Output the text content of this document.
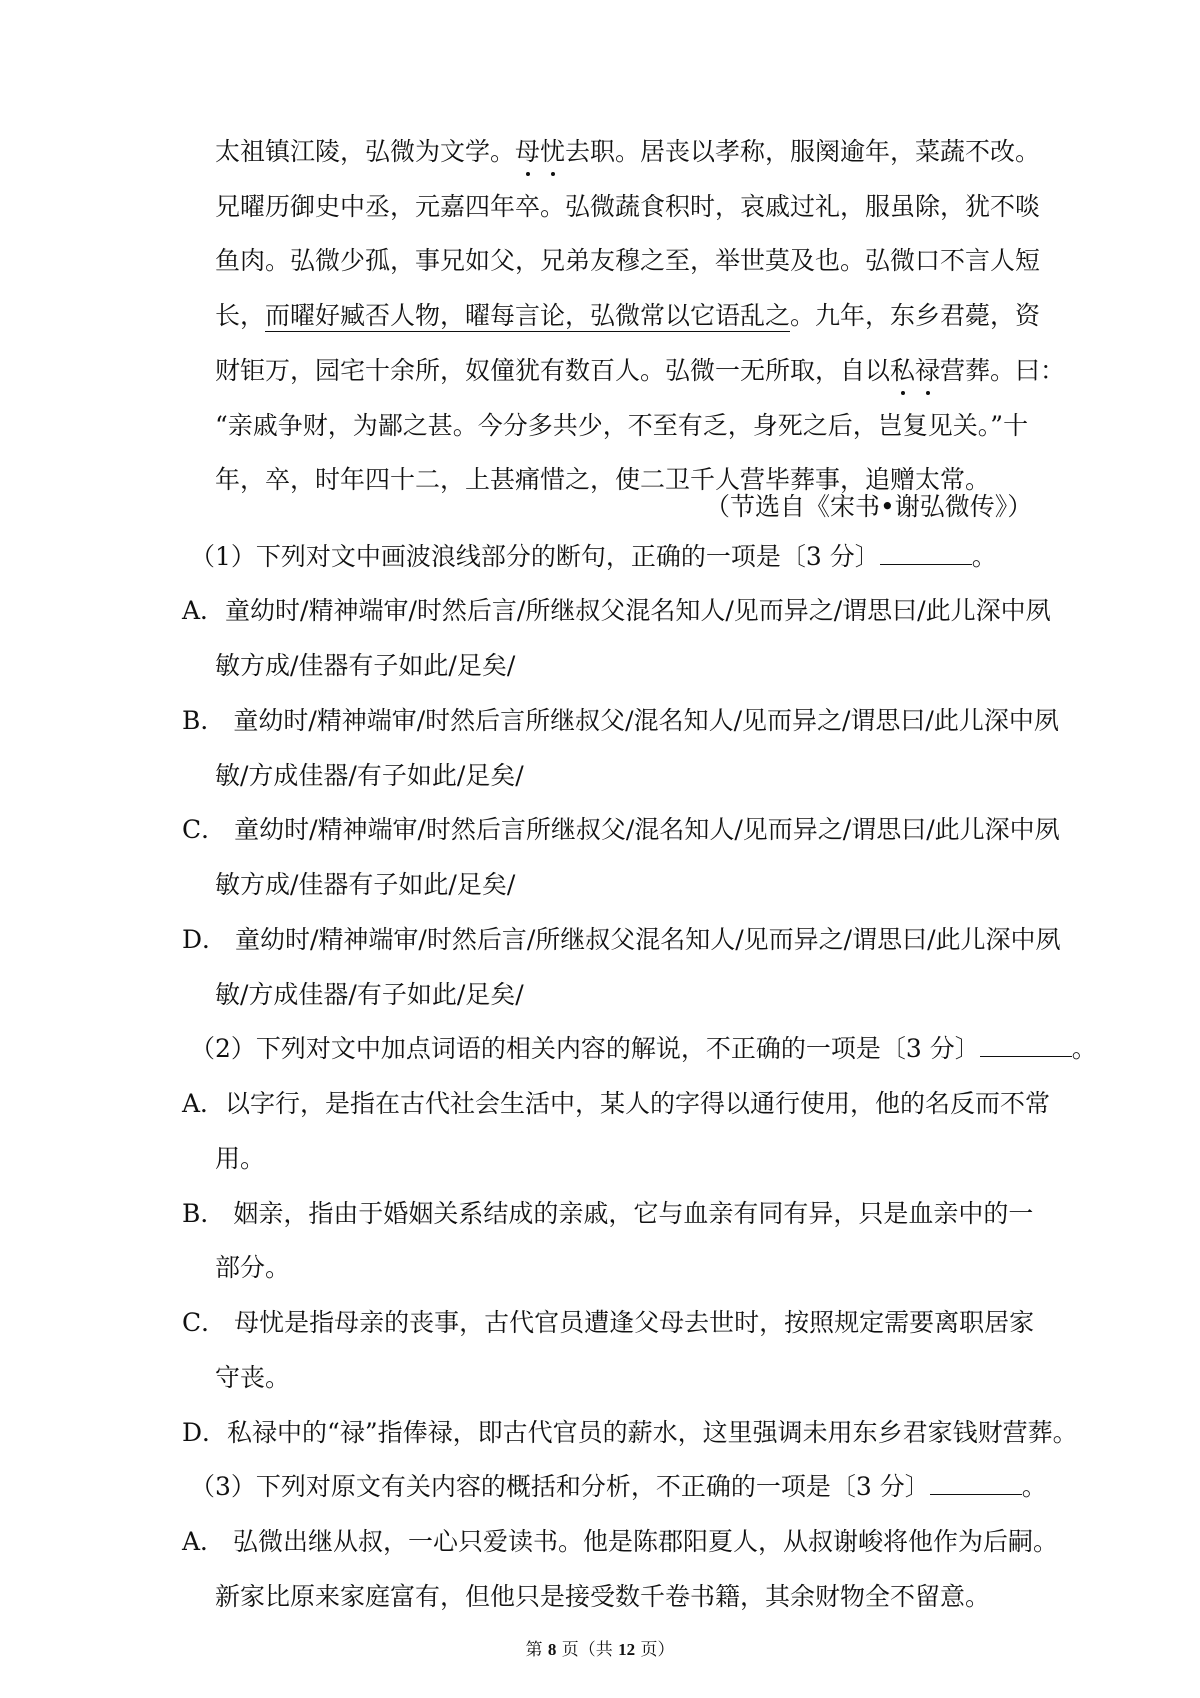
太祖镇江陵，弘微为文学。母忧去职。居丧以孝称，服阕逾年，菜蔬不改。
兄曜历御史中丞，元嘉四年卒。弘微蔬食积时，哀戚过礼，服虽除，犹不啖
鱼肉。弘微少孤，事兄如父，兄弟友穆之至，举世莫及也。弘微口不言人短
长，而曜好臧否人物，曜每言论，弘微常以它语乱之。九年，东乡君薨，资
财钜万，园宅十余所，奴僮犹有数百人。弘微一无所取，自以私禄营葬。曰：
“亲戚争财，为鄙之甚。今分多共少，不至有乏，身死之后，岂复见关。”十
年，卒，时年四十二，上甚痛惜之，使二卫千人营毕葬事，追赠太常。
（节选自《宋书•谢弘微传》）
（1）下列对文中画波浪线部分的断句，正确的一项是〔3 分〕	。
A．童幼时/精神端审/时然后言/所继叔父混名知人/见而异之/谓思曰/此儿深中夙
敏方成/佳器有子如此/足矣/
B． 童幼时/精神端审/时然后言所继叔父/混名知人/见而异之/谓思曰/此儿深中夙
敏/方成佳器/有子如此/足矣/
C． 童幼时/精神端审/时然后言所继叔父/混名知人/见而异之/谓思曰/此儿深中夙
敏方成/佳器有子如此/足矣/
D． 童幼时/精神端审/时然后言/所继叔父混名知人/见而异之/谓思曰/此儿深中夙
敏/方成佳器/有子如此/足矣/
（2）下列对文中加点词语的相关内容的解说，不正确的一项是〔3 分〕	。
A．以字行，是指在古代社会生活中，某人的字得以通行使用，他的名反而不常
用。
B． 姻亲，指由于婚姻关系结成的亲戚，它与血亲有同有异，只是血亲中的一
部分。
C． 母忧是指母亲的丧事，古代官员遭逢父母去世时，按照规定需要离职居家
守丧。
D．私禄中的“禄”指俸禄，即古代官员的薪水，这里强调未用东乡君家钱财营葬。
（3）下列对原文有关内容的概括和分析，不正确的一项是〔3 分〕	。
A． 弘微出继从叔，一心只爱读书。他是陈郡阳夏人，从叔谢峻将他作为后嗣。
新家比原来家庭富有，但他只是接受数千卷书籍，其余财物全不留意。
第 8 页（共 12 页）
